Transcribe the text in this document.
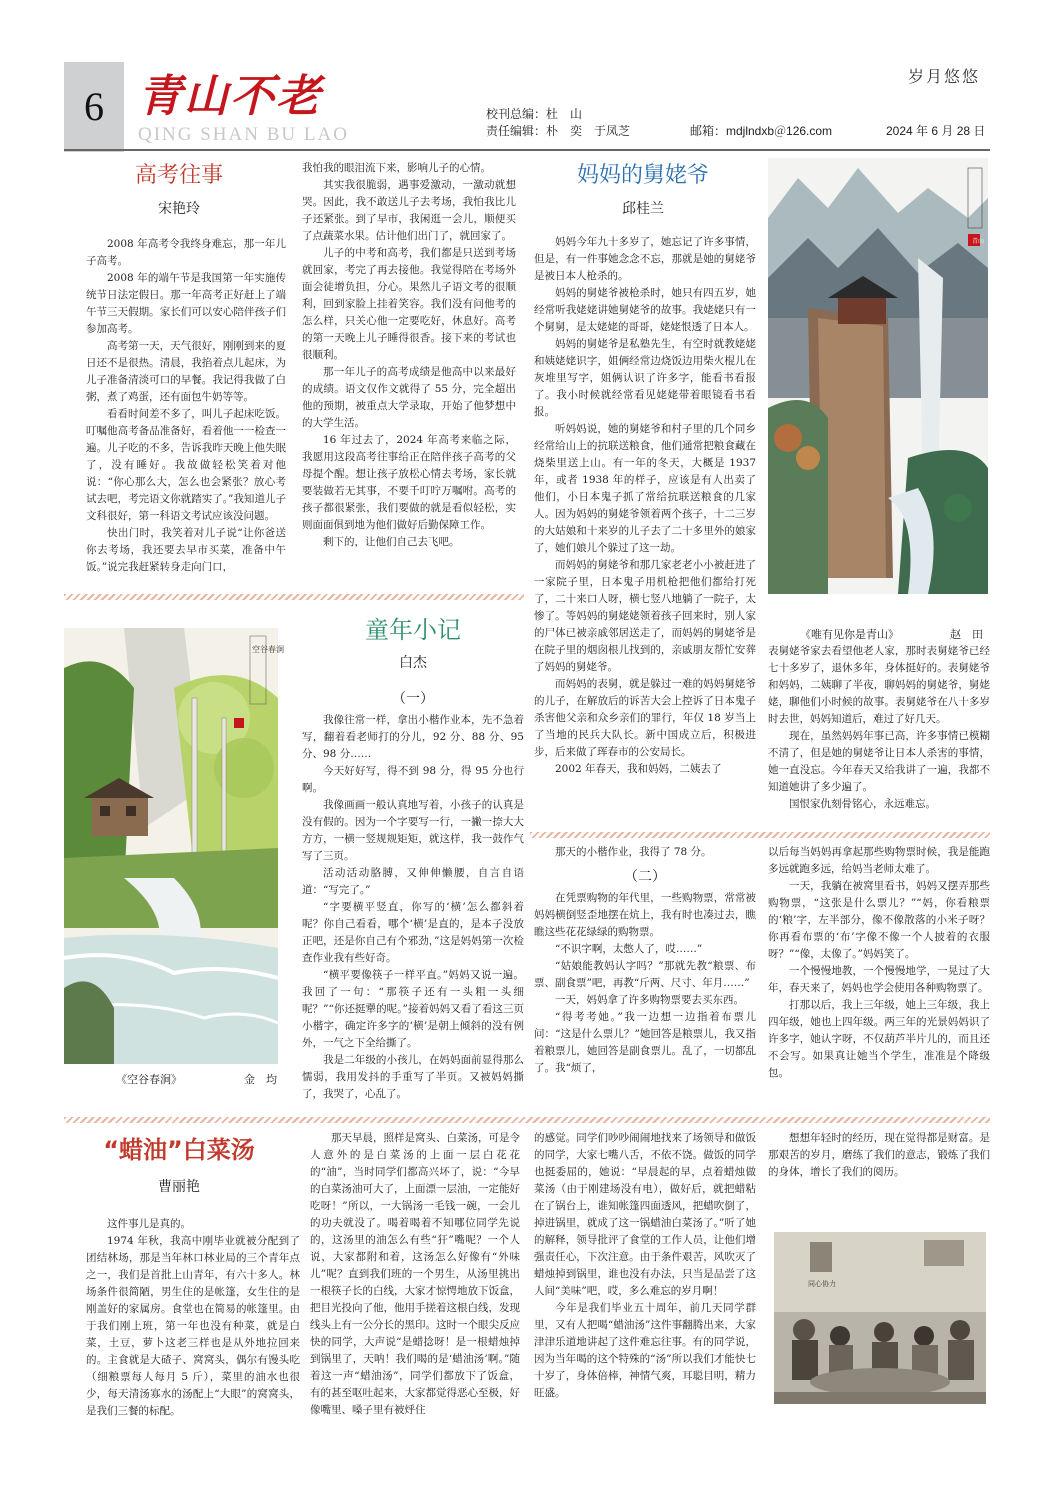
6 青山不老
QING SHAN BU LAO
岁月悠悠
校刊总编：杜　山
责任编辑：朴　奕　于凤芝	邮箱：mdjlndxb＠126.com	2024 年 6 月 28 日
高考往事
宋艳玲

2008 年高考令我终身难忘，那一年儿子高考。

2008 年的端午节是我国第一年实施传统节日法定假日。那一年高考正好赶上了端午节三天假期。家长们可以安心陪伴孩子们参加高考。

高考第一天，天气很好，刚刚到来的夏日还不是很热。清晨，我掐着点儿起床，为儿子准备清淡可口的早餐。我记得我做了白粥，煮了鸡蛋，还有面包牛奶等等。

看看时间差不多了，叫儿子起床吃饭。叮嘱他高考备品准备好，看着他一一检查一遍。儿子吃的不多，告诉我昨天晚上他失眠了，没有睡好。我故做轻松笑着对他说：“你心那么大，怎么也会紧张？放心考试去吧，考完语文你就踏实了。”我知道儿子文科很好，第一科语文考试应该没问题。

快出门时，我笑着对儿子说“让你爸送你去考场，我还要去早市买菜，准备中午饭。”说完我赶紧转身走向门口，

我怕我的眼泪流下来，影响儿子的心情。

其实我很脆弱，遇事爱激动，一激动就想哭。因此，我不敢送儿子去考场，我怕我比儿子还紧张。到了早市，我闲逛一会儿，顺便买了点蔬菜水果。估计他们出门了，就回家了。

儿子的中考和高考，我们都是只送到考场就回家，考完了再去接他。我觉得陪在考场外面会徒增负担，分心。果然儿子语文考的很顺利，回到家脸上挂着笑容。我们没有问他考的怎么样，只关心他一定要吃好，休息好。高考的第一天晚上儿子睡得很香。接下来的考试也很顺利。

那一年儿子的高考成绩是他高中以来最好的成绩。语文仅作文就得了 55 分，完全超出他的预期，被重点大学录取，开始了他梦想中的大学生活。

16 年过去了，2024 年高考来临之际，我愿用这段高考往事给正在陪伴孩子高考的父母提个醒。想让孩子放松心情去考场，家长就要装做若无其事，不要千叮咛万嘱咐。高考的孩子都很紧张，我们要做的就是看似轻松，实则面面俱到地为他们做好后勤保障工作。

剩下的，让他们自己去飞吧。

妈妈的舅姥爷
邱桂兰

妈妈今年九十多岁了，她忘记了许多事情，但是，有一件事她念念不忘，那就是她的舅姥爷是被日本人枪杀的。

妈妈的舅姥爷被枪杀时，她只有四五岁，她经常听我姥姥讲她舅姥爷的故事。我姥姥只有一个舅舅，是太姥姥的哥哥，姥姥恨透了日本人。

妈妈的舅姥爷是私塾先生，有空时就教姥姥和姨姥姥识字，姐俩经常边烧饭边用柴火棍儿在灰堆里写字，姐俩认识了许多字，能看书看报了。我小时候就经常看见姥姥带着眼镜看书看报。

听妈妈说，她的舅姥爷和村子里的几个同乡经常给山上的抗联送粮食，他们通常把粮食藏在烧柴里送上山。有一年的冬天，大概是 1937 年，或者 1938 年的样子，应该是有人出卖了他们，小日本鬼子抓了常给抗联送粮食的几家人。因为妈妈的舅姥爷领着两个孩子，十二三岁的大姑娘和十来岁的儿子去了二十多里外的娘家了，她们娘儿个躲过了这一劫。

而妈妈的舅姥爷和那几家老老小小被赶进了一家院子里，日本鬼子用机枪把他们都给打死了，二十来口人呀，横七竖八地躺了一院子，太惨了。等妈妈的舅姥姥领着孩子回来时，别人家的尸体已被亲戚邻居送走了，而妈妈的舅姥爷是在院子里的烟囱根儿找到的，亲戚朋友帮忙安葬了妈妈的舅姥爷。

而妈妈的表舅，就是躲过一难的妈妈舅姥爷的儿子，在解放后的诉苦大会上控诉了日本鬼子杀害他父亲和众乡亲们的罪行，年仅 18 岁当上了当地的民兵大队长。新中国成立后，积极进步，后来做了珲春市的公安局长。

2002 年春天，我和妈妈，二姨去了

青山
《唯有见你是青山》	赵　田

表舅姥爷家去看望他老人家，那时表舅姥爷已经七十多岁了，退休多年，身体挺好的。表舅姥爷和妈妈，二姨聊了半夜，聊妈妈的舅姥爷，舅姥姥，聊他们小时候的故事。表舅姥爷在八十多岁时去世，妈妈知道后，难过了好几天。

现在，虽然妈妈年事已高，许多事情已模糊不清了，但是她的舅姥爷让日本人杀害的事情，她一直没忘。今年春天又给我讲了一遍，我都不知道她讲了多少遍了。

国恨家仇刻骨铭心，永远难忘。

空谷春涧
《空谷春涧》	金　均
童年小记
白杰
（一）

我像往常一样，拿出小楷作业本，先不急着写，翻着看老师打的分儿，92 分、88 分、95 分、98 分……

今天好好写，得不到 98 分，得 95 分也行啊。

我像画画一般认真地写着，小孩子的认真是没有假的。因为一个字要写一行，一撇一捺大大方方，一横一竖规规矩矩，就这样，我一鼓作气写了三页。

活动活动胳膊，又伸伸懒腰，自言自语道：“写完了。”

“字要横平竖直，你写的‘横’怎么都斜着呢？你自己看看，哪个‘横’是直的，是本子没放正吧，还是你自己有个邪劲，”这是妈妈第一次检查作业我有些好奇。

“横平要像筷子一样平直。”妈妈又说一遍。我回了一句：“那筷子还有一头粗一头细呢？”“你还挺犟的呢。”接着妈妈又看了看这三页小楷字，确定许多字的‘横’是朝上倾斜的没有例外，一气之下全给撕了。

我是二年级的小孩儿，在妈妈面前显得那么懦弱，我用发抖的手重写了半页。又被妈妈撕了，我哭了，心乱了。

那天的小楷作业，我得了 78 分。

（二）

在凭票购物的年代里，一些购物票，常常被妈妈横倒竖歪地摆在炕上，我有时也凑过去，瞧瞧这些花花绿绿的购物票。

“不识字啊，太憋人了，哎……”

“姑娘能教妈认字吗？”那就先教“粮票、布票、副食票”吧，再教“斤两、尺寸、年月……”

一天，妈妈拿了许多购物票要去买东西。

“得考考她。”我一边想一边指着布票儿问：“这是什么票儿？”她回答是粮票儿，我又指着粮票儿，她回答是副食票儿。乱了，一切都乱了。我“烦了，

以后每当妈妈再拿起那些购物票时候，我是能跑多远就跑多远，给妈当老师太难了。

一天，我躺在被窝里看书，妈妈又摆弄那些购物票，“这张是什么票儿？”“妈，你看粮票的‘粮’字，左半部分，像不像散落的小米子呀？你再看布票的‘布’字像不像一个人披着的衣服呀？”“像，太像了。”妈妈笑了。

一个慢慢地教，一个慢慢地学，一晃过了大年，春天来了，妈妈也学会使用各种购物票了。

打那以后，我上三年级，她上三年级，我上四年级，她也上四年级。两三年的光景妈妈识了许多字，她认字呀，不仅葫芦半片儿的，而且还不会写。如果真让她当个学生，准准是个降级包。

“蜡油”白菜汤
曹丽艳

这件事儿是真的。

1974 年秋，我高中刚毕业就被分配到了团结林场，那是当年林口林业局的三个青年点之一，我们是首批上山青年，有六十多人。林场条件很简陋，男生住的是帐篷，女生住的是刚盖好的家属房。食堂也在简易的帐篷里。由于我们刚上班，第一年也没有种菜，就是白菜，土豆，萝卜这老三样也是从外地拉回来的。主食就是大碴子、窝窝头，偶尔有馒头吃（细粮票每人每月 5 斤），菜里的油水也很少，每天清汤寡水的汤配上“大眼”的窝窝头，是我们三餐的标配。

那天早晨，照样是窝头、白菜汤，可是令人意外的是白菜汤的上面一层白花花的“油”，当时同学们都高兴坏了，说：“今早的白菜汤油可大了，上面漂一层油，一定能好吃呀！”所以，一大锅汤一毛钱一碗，一会儿的功夫就没了。喝着喝着不知哪位同学先说的，这汤里的油怎么有些“犴”嘴呢？一个人说，大家都附和着，这汤怎么好像有“外味儿”呢？直到我们班的一个男生，从汤里挑出一根筷子长的白线，大家才惊愕地放下饭盒，把目光投向了他，他用手搓着这根白线，发现线头上有一公分长的黑印。这时一个眼尖反应快的同学，大声说“是蜡捻呀！是一根蜡烛掉到锅里了，天呐！我们喝的是‘蜡油汤’啊。”随着这一声“蜡油汤”，同学们都放下了饭盒，有的甚至呕吐起来，大家都觉得恶心至极，好像嘴里、嗓子里有被烀住

的感觉。同学们吵吵闹闹地找来了场领导和做饭的同学，大家七嘴八舌，不依不饶。做饭的同学也挺委屈的，她说：“早晨起的早，点着蜡烛做菜汤（由于刚建场没有电），做好后，就把蜡粘在了锅台上，谁知帐篷四面透风，把蜡吹倒了，掉进锅里，就成了这一锅蜡油白菜汤了。”听了她的解释，领导批评了食堂的工作人员，让他们增强责任心，下次注意。由于条件艰苦，风吹灭了蜡烛掉到锅里，谁也没有办法，只当是品尝了这人间“美味”吧，哎，多么难忘的岁月啊！

今年是我们毕业五十周年，前几天同学群里，又有人把喝“蜡油汤”这件事翻腾出来，大家津津乐道地讲起了这件难忘往事。有的同学说，因为当年喝的这个特殊的“汤”所以我们才能快七十岁了，身体倍棒，神情气爽，耳聪目明，精力旺盛。

想想年轻时的经历，现在觉得都是财富。是那艰苦的岁月，磨练了我们的意志，锻炼了我们的身体，增长了我们的阅历。

同心协力
